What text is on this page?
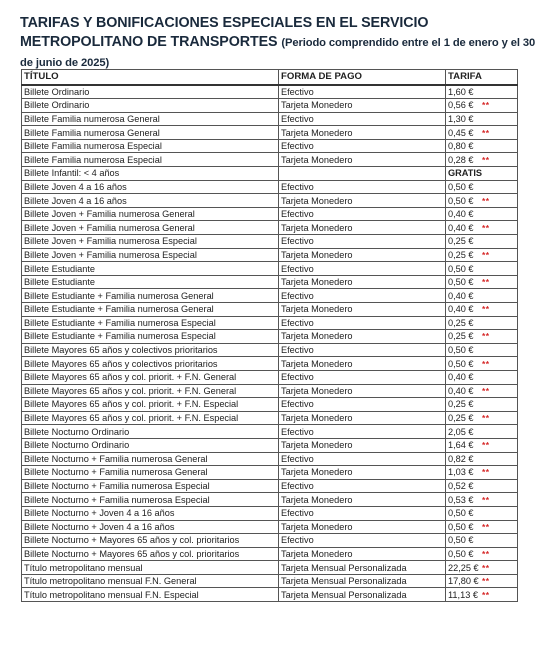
TARIFAS Y BONIFICACIONES ESPECIALES EN EL SERVICIO METROPOLITANO DE TRANSPORTES (Periodo comprendido entre el 1 de enero y el 30 de junio de 2025)
TÍTULO	FORMA DE PAGO	TARIFA
Billete Ordinario	Efectivo	1,60 €
Billete Ordinario	Tarjeta Monedero	0,56 € **
Billete Familia numerosa General	Efectivo	1,30 €
Billete Familia numerosa General	Tarjeta Monedero	0,45 € **
Billete Familia numerosa Especial	Efectivo	0,80 €
Billete Familia numerosa Especial	Tarjeta Monedero	0,28 € **
Billete Infantil: < 4 años		GRATIS
Billete Joven 4 a 16 años	Efectivo	0,50 €
Billete Joven 4 a 16 años	Tarjeta Monedero	0,50 € **
Billete Joven + Familia numerosa General	Efectivo	0,40 €
Billete Joven + Familia numerosa General	Tarjeta Monedero	0,40 € **
Billete Joven + Familia numerosa Especial	Efectivo	0,25 €
Billete Joven + Familia numerosa Especial	Tarjeta Monedero	0,25 € **
Billete Estudiante	Efectivo	0,50 €
Billete Estudiante	Tarjeta Monedero	0,50 € **
Billete Estudiante + Familia numerosa General	Efectivo	0,40 €
Billete Estudiante + Familia numerosa General	Tarjeta Monedero	0,40 € **
Billete Estudiante + Familia numerosa Especial	Efectivo	0,25 €
Billete Estudiante + Familia numerosa Especial	Tarjeta Monedero	0,25 € **
Billete Mayores 65 años y colectivos prioritarios	Efectivo	0,50 €
Billete Mayores 65 años y colectivos prioritarios	Tarjeta Monedero	0,50 € **
Billete Mayores 65 años y col. priorit. + F.N. General	Efectivo	0,40 €
Billete Mayores 65 años y col. priorit. + F.N. General	Tarjeta Monedero	0,40 € **
Billete Mayores 65 años y col. priorit. + F.N. Especial	Efectivo	0,25 €
Billete Mayores 65 años y col. priorit. + F.N. Especial	Tarjeta Monedero	0,25 € **
Billete Nocturno Ordinario	Efectivo	2,05 €
Billete Nocturno Ordinario	Tarjeta Monedero	1,64 € **
Billete Nocturno + Familia numerosa General	Efectivo	0,82 €
Billete Nocturno + Familia numerosa General	Tarjeta Monedero	1,03 € **
Billete Nocturno + Familia numerosa Especial	Efectivo	0,52 €
Billete Nocturno + Familia numerosa Especial	Tarjeta Monedero	0,53 € **
Billete Nocturno + Joven 4 a 16 años	Efectivo	0,50 €
Billete Nocturno + Joven 4 a 16 años	Tarjeta Monedero	0,50 € **
Billete Nocturno + Mayores 65 años y col. prioritarios	Efectivo	0,50 €
Billete Nocturno + Mayores 65 años y col. prioritarios	Tarjeta Monedero	0,50 € **
Título metropolitano mensual	Tarjeta Mensual Personalizada	22,25 € **
Título metropolitano mensual F.N. General	Tarjeta Mensual Personalizada	17,80 € **
Título metropolitano mensual F.N. Especial	Tarjeta Mensual Personalizada	11,13 € **
